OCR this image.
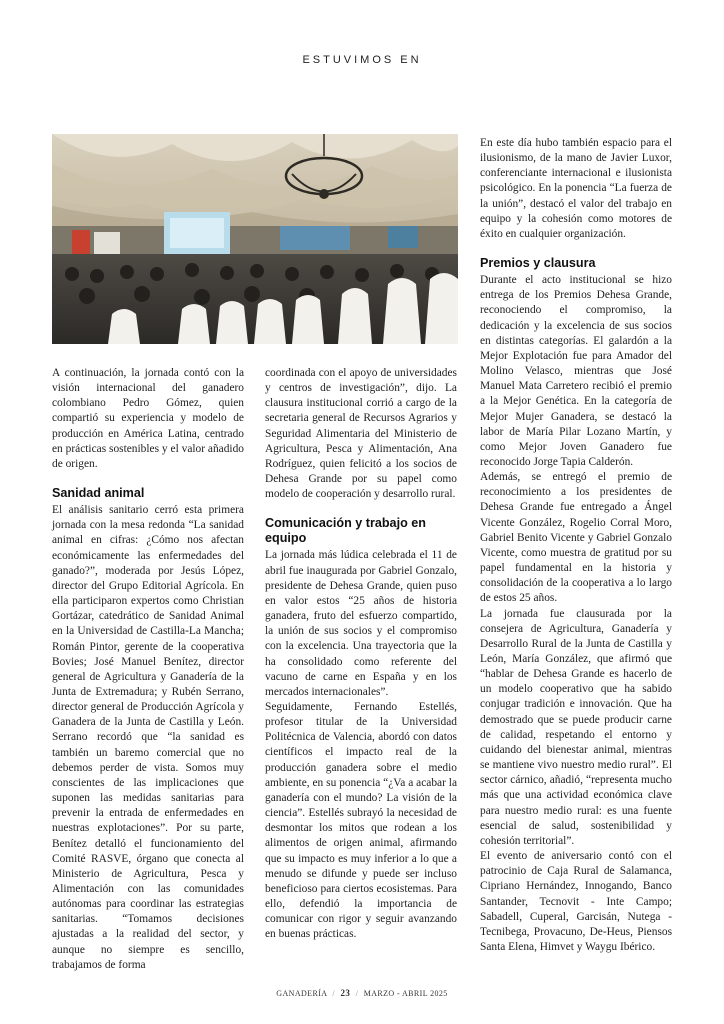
ESTUVIMOS EN

A continuación, la jornada contó con la visión internacional del ganadero colombiano Pedro Gómez, quien compartió su experiencia y modelo de producción en América Latina, centrado en prácticas sostenibles y el valor añadido de origen.

Sanidad animal

El análisis sanitario cerró esta primera jornada con la mesa redonda “La sanidad animal en cifras: ¿Cómo nos afectan económicamente las enfermedades del ganado?”, moderada por Jesús López, director del Grupo Editorial Agrícola. En ella participaron expertos como Christian Gortázar, catedrático de Sanidad Animal en la Universidad de Castilla-La Mancha; Román Pintor, gerente de la cooperativa Bovies; José Manuel Benítez, director general de Agricultura y Ganadería de la Junta de Extremadura; y Rubén Serrano, director general de Producción Agrícola y Ganadera de la Junta de Castilla y León. Serrano recordó que “la sanidad es también un baremo comercial que no debemos perder de vista. Somos muy conscientes de las implicaciones que suponen las medidas sanitarias para prevenir la entrada de enfermedades en nuestras explotaciones”. Por su parte, Benítez detalló el funcionamiento del Comité RASVE, órgano que conecta al Ministerio de Agricultura, Pesca y Alimentación con las comunidades autónomas para coordinar las estrategias sanitarias. “Tomamos decisiones ajustadas a la realidad del sector, y aunque no siempre es sencillo, trabajamos de forma

coordinada con el apoyo de universidades y centros de investigación”, dijo. La clausura institucional corrió a cargo de la secretaria general de Recursos Agrarios y Seguridad Alimentaria del Ministerio de Agricultura, Pesca y Alimentación, Ana Rodríguez, quien felicitó a los socios de Dehesa Grande por su papel como modelo de cooperación y desarrollo rural.

Comunicación y trabajo en equipo

La jornada más lúdica celebrada el 11 de abril fue inaugurada por Gabriel Gonzalo, presidente de Dehesa Grande, quien puso en valor estos “25 años de historia ganadera, fruto del esfuerzo compartido, la unión de sus socios y el compromiso con la excelencia. Una trayectoria que la ha consolidado como referente del vacuno de carne en España y en los mercados internacionales”.

Seguidamente, Fernando Estellés, profesor titular de la Universidad Politécnica de Valencia, abordó con datos científicos el impacto real de la producción ganadera sobre el medio ambiente, en su ponencia “¿Va a acabar la ganadería con el mundo? La visión de la ciencia”. Estellés subrayó la necesidad de desmontar los mitos que rodean a los alimentos de origen animal, afirmando que su impacto es muy inferior a lo que a menudo se difunde y puede ser incluso beneficioso para ciertos ecosistemas. Para ello, defendió la importancia de comunicar con rigor y seguir avanzando en buenas prácticas.

En este día hubo también espacio para el ilusionismo, de la mano de Javier Luxor, conferenciante internacional e ilusionista psicológico. En la ponencia “La fuerza de la unión”, destacó el valor del trabajo en equipo y la cohesión como motores de éxito en cualquier organización.

Premios y clausura

Durante el acto institucional se hizo entrega de los Premios Dehesa Grande, reconociendo el compromiso, la dedicación y la excelencia de sus socios en distintas categorías. El galardón a la Mejor Explotación fue para Amador del Molino Velasco, mientras que José Manuel Mata Carretero recibió el premio a la Mejor Genética. En la categoría de Mejor Mujer Ganadera, se destacó la labor de María Pilar Lozano Martín, y como Mejor Joven Ganadero fue reconocido Jorge Tapia Calderón.

Además, se entregó el premio de reconocimiento a los presidentes de Dehesa Grande fue entregado a Ángel Vicente González, Rogelio Corral Moro, Gabriel Benito Vicente y Gabriel Gonzalo Vicente, como muestra de gratitud por su papel fundamental en la historia y consolidación de la cooperativa a lo largo de estos 25 años.

La jornada fue clausurada por la consejera de Agricultura, Ganadería y Desarrollo Rural de la Junta de Castilla y León, María González, que afirmó que “hablar de Dehesa Grande es hacerlo de un modelo cooperativo que ha sabido conjugar tradición e innovación. Que ha demostrado que se puede producir carne de calidad, respetando el entorno y cuidando del bienestar animal, mientras se mantiene vivo nuestro medio rural”. El sector cárnico, añadió, “representa mucho más que una actividad económica clave para nuestro medio rural: es una fuente esencial de salud, sostenibilidad y cohesión territorial”.

El evento de aniversario contó con el patrocinio de Caja Rural de Salamanca, Cipriano Hernández, Innogando, Banco Santander, Tecnovit - Inte Campo; Sabadell, Cuperal, Garcisán, Nutega - Tecnibega, Provacuno, De-Heus, Piensos Santa Elena, Himvet y Waygu Ibérico.

GANADERÍA / 23 / MARZO - ABRIL 2025
